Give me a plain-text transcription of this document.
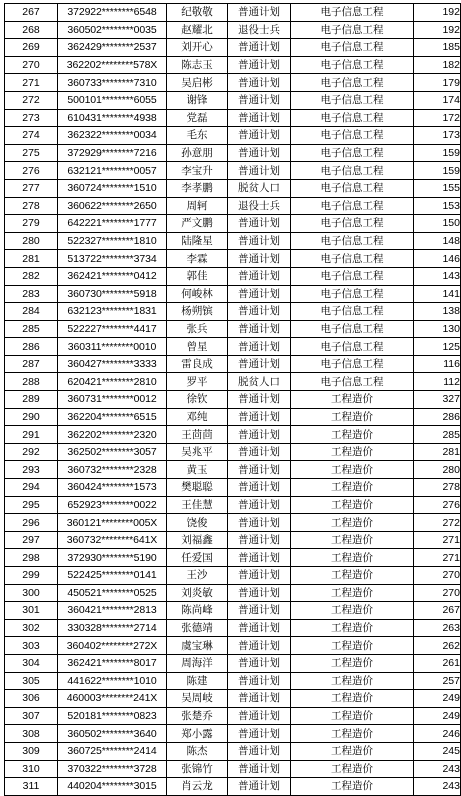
267	372922********6548	纪敬敬	普通计划	电子信息工程	192
268	360502********0035	赵耀北	退役士兵	电子信息工程	192
269	362429********2537	刘开心	普通计划	电子信息工程	185
270	362202********578X	陈志玉	普通计划	电子信息工程	182
271	360733********7310	吴启彬	普通计划	电子信息工程	179
272	500101********6055	谢锋	普通计划	电子信息工程	174
273	610431********4938	党磊	普通计划	电子信息工程	172
274	362322********0034	毛东	普通计划	电子信息工程	173
275	372929********7216	孙意朋	普通计划	电子信息工程	159
276	632121********0057	李宝升	普通计划	电子信息工程	159
277	360724********1510	李孝鹏	脱贫人口	电子信息工程	155
278	360622********2650	周轲	退役士兵	电子信息工程	153
279	642221********1777	严文鹏	普通计划	电子信息工程	150
280	522327********1810	陆隆星	普通计划	电子信息工程	148
281	513722********3734	李霖	普通计划	电子信息工程	146
282	362421********0412	郭佳	普通计划	电子信息工程	143
283	360730********5918	何峻林	普通计划	电子信息工程	141
284	632123********1831	杨朔镔	普通计划	电子信息工程	138
285	522227********4417	张兵	普通计划	电子信息工程	130
286	360311********0010	曾星	普通计划	电子信息工程	125
287	360427********3333	雷良成	普通计划	电子信息工程	116
288	620421********2810	罗平	脱贫人口	电子信息工程	112
289	360731********0012	徐钦	普通计划	工程造价	327
290	362204********6515	邓纯	普通计划	工程造价	286
291	362202********2320	王茴茴	普通计划	工程造价	285
292	362502********3057	吴兆平	普通计划	工程造价	281
293	360732********2328	黄玉	普通计划	工程造价	280
294	360424********1573	樊聪聪	普通计划	工程造价	278
295	652923********0022	王佳慧	普通计划	工程造价	276
296	360121********005X	饶俊	普通计划	工程造价	272
297	360732********641X	刘福鑫	普通计划	工程造价	271
298	372930********5190	任爱国	普通计划	工程造价	271
299	522425********0141	王沙	普通计划	工程造价	270
300	450521********0525	刘炎敏	普通计划	工程造价	270
301	360421********2813	陈尚峰	普通计划	工程造价	267
302	330328********2714	张德靖	普通计划	工程造价	263
303	360402********272X	虞宝琳	普通计划	工程造价	262
304	362421********8017	周海洋	普通计划	工程造价	261
305	441622********1010	陈建	普通计划	工程造价	257
306	460003********241X	吴周岐	普通计划	工程造价	249
307	520181********0823	张楚乔	普通计划	工程造价	249
308	360502********3640	郑小露	普通计划	工程造价	246
309	360725********2414	陈杰	普通计划	工程造价	245
310	370322********3728	张锦竹	普通计划	工程造价	243
311	440204********3015	肖云龙	普通计划	工程造价	243
